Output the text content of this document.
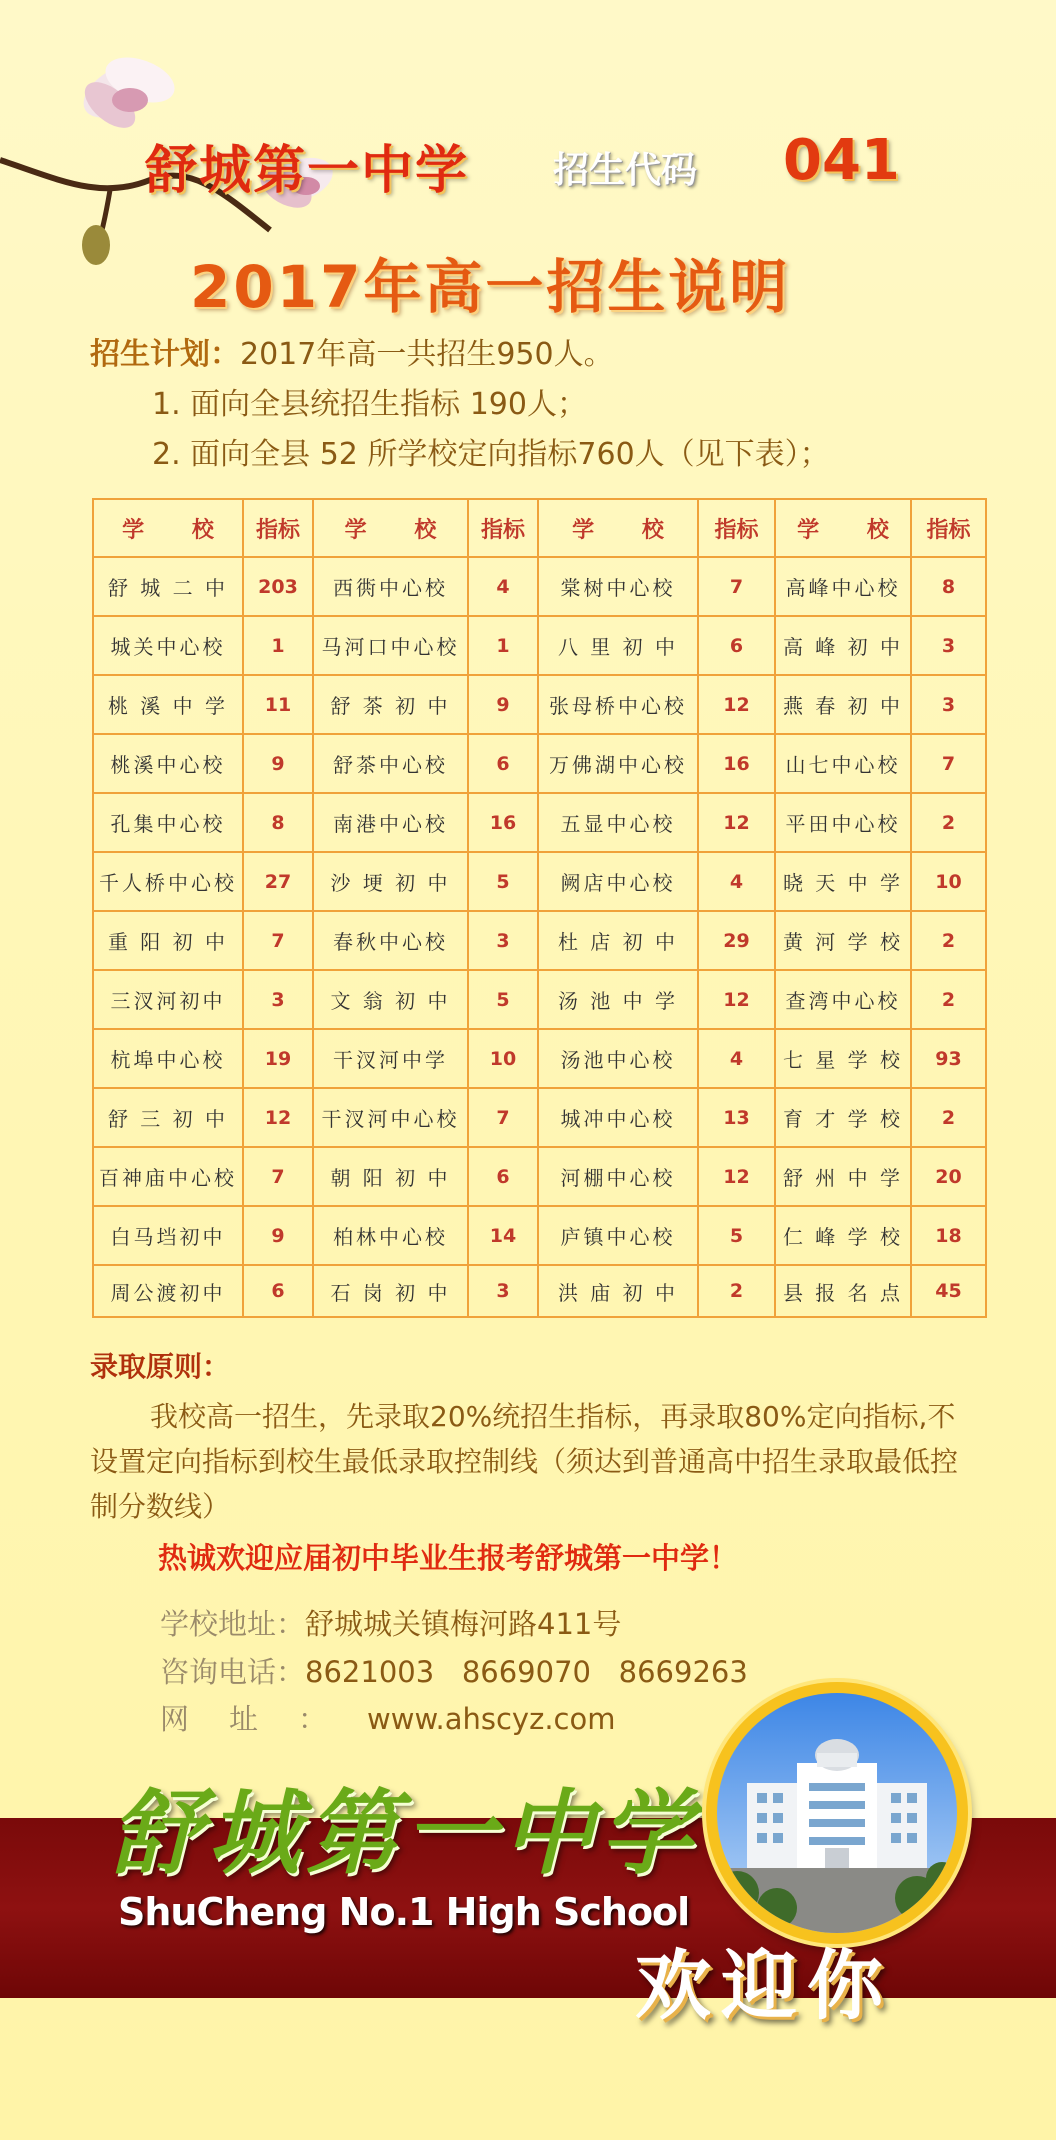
舒城第一中学 招生代码 041
2017年高一招生说明
招生计划：2017年高一共招生950人。
1. 面向全县统招生指标 190人；
2. 面向全县 52 所学校定向指标760人（见下表）；
学 校	指标	学 校	指标	学 校	指标	学 校	指标
舒 城 二 中	203	西衖中心校	4	棠树中心校	7	高峰中心校	8
城关中心校	1	马河口中心校	1	八 里 初 中	6	高 峰 初 中	3
桃 溪 中 学	11	舒 茶 初 中	9	张母桥中心校	12	燕 春 初 中	3
桃溪中心校	9	舒茶中心校	6	万佛湖中心校	16	山七中心校	7
孔集中心校	8	南港中心校	16	五显中心校	12	平田中心校	2
千人桥中心校	27	沙 埂 初 中	5	阙店中心校	4	晓 天 中 学	10
重 阳 初 中	7	春秋中心校	3	杜 店 初 中	29	黄 河 学 校	2
三汊河初中	3	文 翁 初 中	5	汤 池 中 学	12	查湾中心校	2
杭埠中心校	19	干汊河中学	10	汤池中心校	4	七 星 学 校	93
舒 三 初 中	12	干汊河中心校	7	城冲中心校	13	育 才 学 校	2
百神庙中心校	7	朝 阳 初 中	6	河棚中心校	12	舒 州 中 学	20
白马垱初中	9	柏林中心校	14	庐镇中心校	5	仁 峰 学 校	18
周公渡初中	6	石 岗 初 中	3	洪 庙 初 中	2	县 报 名 点	45
录取原则：
我校高一招生，先录取20%统招生指标，再录取80%定向指标,不设置定向指标到校生最低录取控制线（须达到普通高中招生录取最低控制分数线）
热诚欢迎应届初中毕业生报考舒城第一中学！
学校地址：舒城城关镇梅河路411号
咨询电话：8621003   8669070   8669263
网址：www.ahscyz.com
舒城第一中学
ShuCheng No.1 High School
欢迎你
